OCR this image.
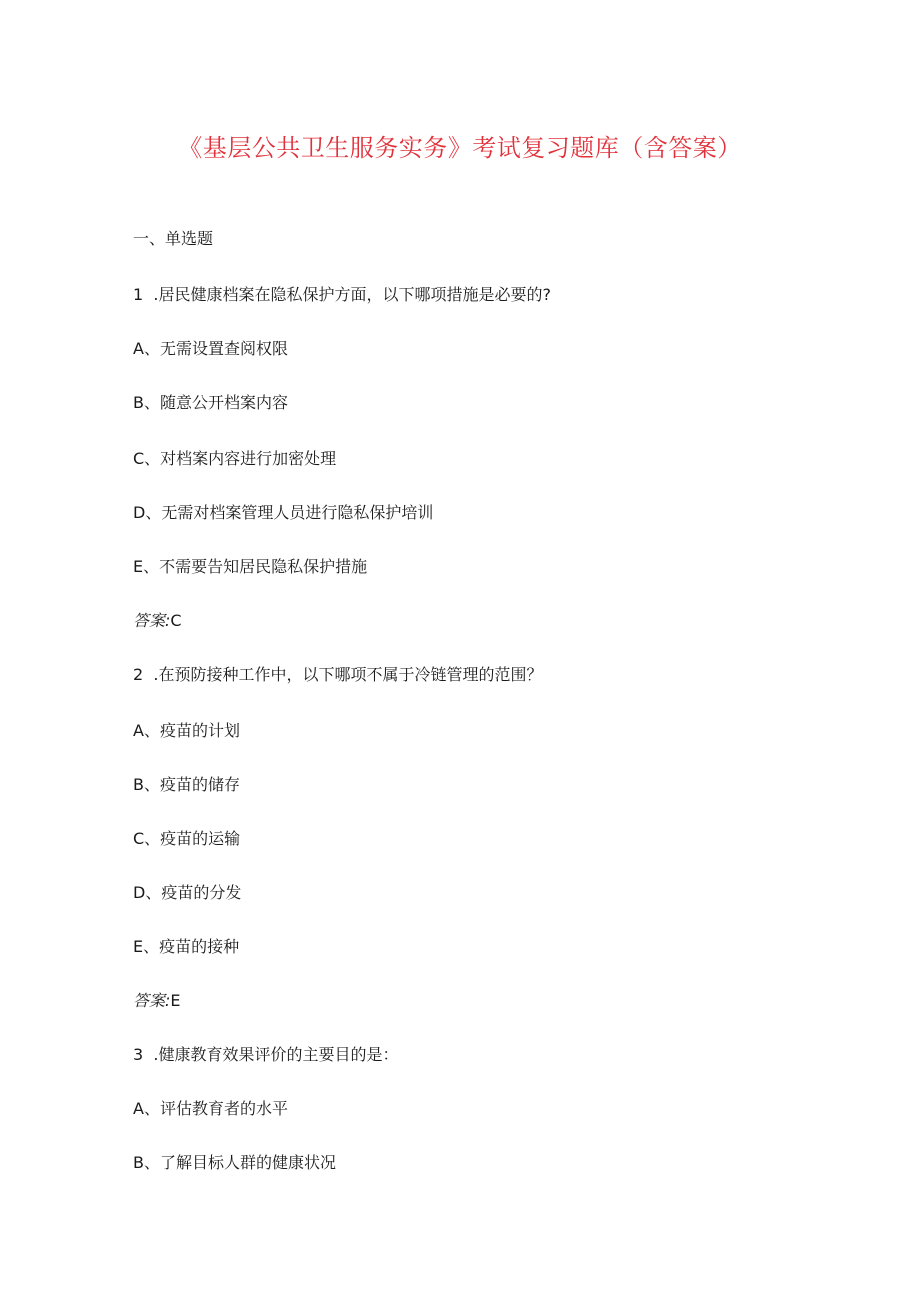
《基层公共卫生服务实务》考试复习题库（含答案）
一、单选题
1  .居民健康档案在隐私保护方面，以下哪项措施是必要的?
A、无需设置查阅权限
B、随意公开档案内容
C、对档案内容进行加密处理
D、无需对档案管理人员进行隐私保护培训
E、不需要告知居民隐私保护措施
答案:C
2  .在预防接种工作中，以下哪项不属于冷链管理的范围？
A、疫苗的计划
B、疫苗的储存
C、疫苗的运输
D、疫苗的分发
E、疫苗的接种
答案:E
3  .健康教育效果评价的主要目的是：
A、评估教育者的水平
B、了解目标人群的健康状况
